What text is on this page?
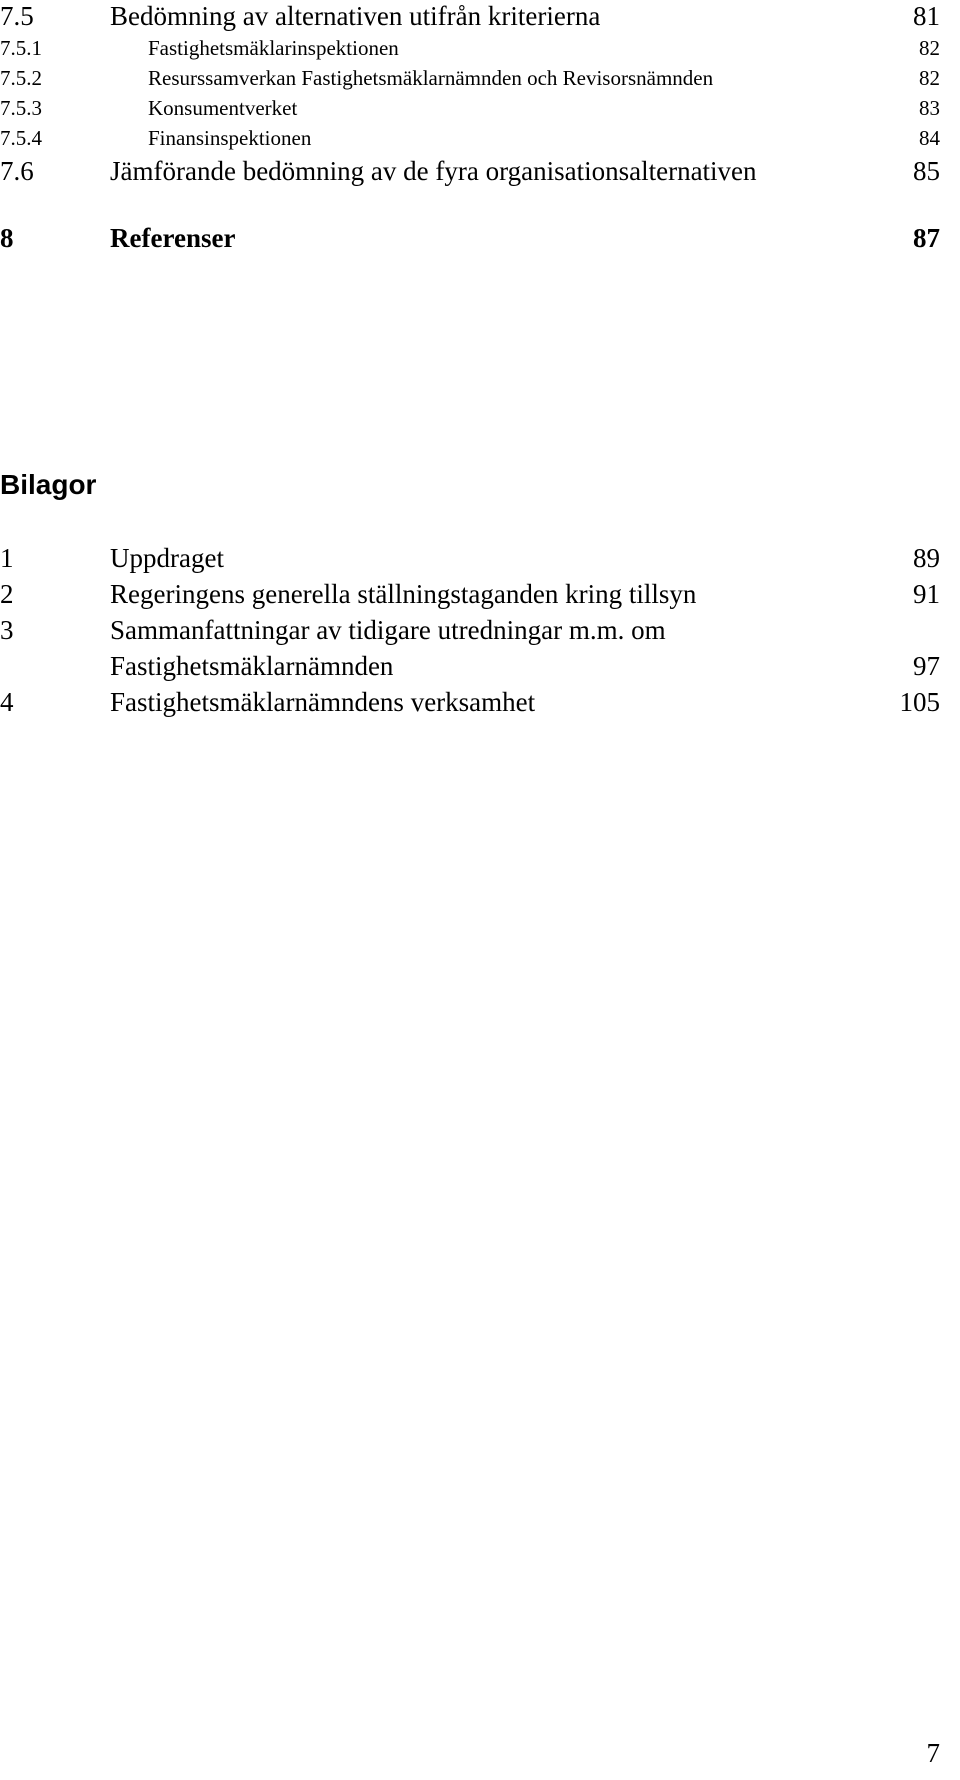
7.5	Bedömning av alternativen utifrån kriterierna	81
7.5.1	Fastighetsmäklarinspektionen	82
7.5.2	Resurssamverkan Fastighetsmäklarnämnden och Revisorsnämnden	82
7.5.3	Konsumentverket	83
7.5.4	Finansinspektionen	84
7.6	Jämförande bedömning av de fyra organisationsalternativen	85
8	Referenser	87
Bilagor
1	Uppdraget	89
2	Regeringens generella ställningstaganden kring tillsyn	91
3	Sammanfattningar av tidigare utredningar m.m. om
Fastighetsmäklarnämnden	97
4	Fastighetsmäklarnämndens verksamhet	105
7
